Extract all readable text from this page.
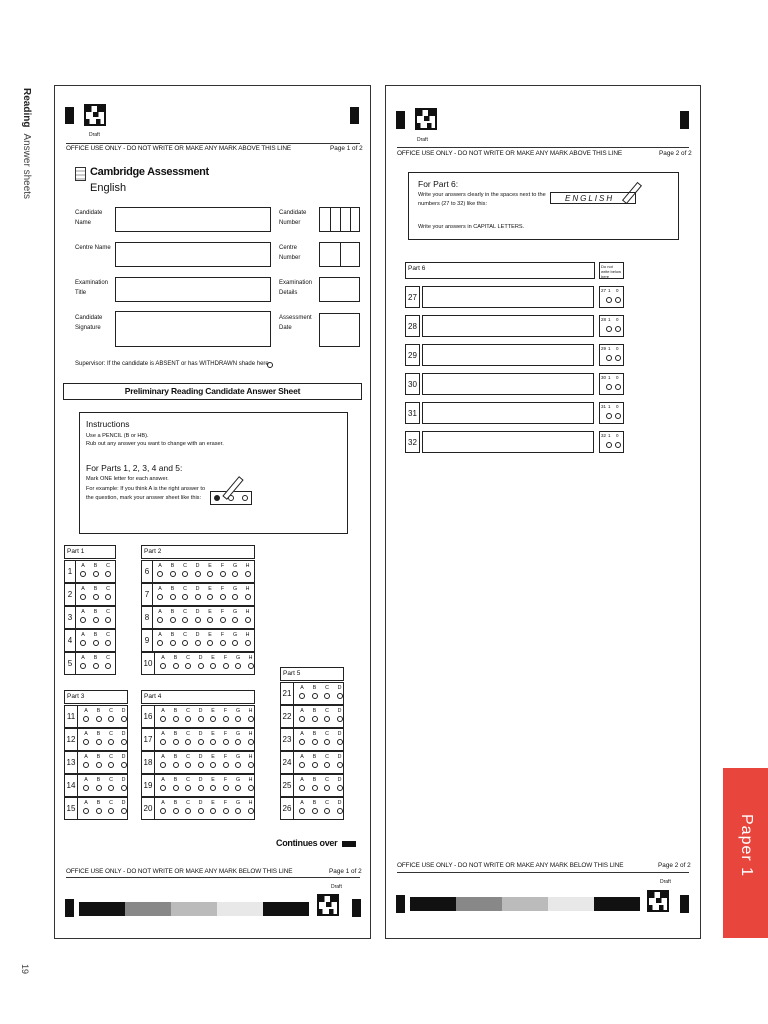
ReadingAnswer sheets
19
Paper 1
Draft
OFFICE USE ONLY - DO NOT WRITE OR MAKE ANY MARK ABOVE THIS LINE	Page 1 of 2
Cambridge Assessment
English
Candidate Name
Candidate Number
Centre Name	Centre Number
Examination Title
Examination Details
Candidate Signature
Assessment Date
Supervisor: If the candidate is ABSENT or has WITHDRAWN shade here
Preliminary Reading Candidate Answer Sheet
Instructions
Use a PENCIL (B or HB).
Rub out any answer you want to change with an eraser.
For Parts 1, 2, 3, 4 and 5:
Mark ONE letter for each answer.
For example: If you think A is the right answer to
the question, mark your answer sheet like this:
Part 1
1
A	B	C
2
A	B	C
3
A	B	C
4
A	B	C
5
A	B	C
Part 2
6
A	B	C	D	E	F	G	H
7
A	B	C	D	E	F	G	H
8
A	B	C	D	E	F	G	H
9
A	B	C	D	E	F	G	H
10
A	B	C	D	E	F	G	H
Part 5
21
A	B	C	D
22
A	B	C	D
23
A	B	C	D
24
A	B	C	D
25
A	B	C	D
26
A	B	C	D
Part 3
11
A	B	C	D
12
A	B	C	D
13
A	B	C	D
14
A	B	C	D
15
A	B	C	D
Part 4
16
A	B	C	D	E	F	G	H
17
A	B	C	D	E	F	G	H
18
A	B	C	D	E	F	G	H
19
A	B	C	D	E	F	G	H
20
A	B	C	D	E	F	G	H
Continues over
OFFICE USE ONLY - DO NOT WRITE OR MAKE ANY MARK BELOW THIS LINE	Page 1 of 2
Draft
Draft
OFFICE USE ONLY - DO NOT WRITE OR MAKE ANY MARK ABOVE THIS LINE	Page 2 of 2
For Part 6:
Write your answers clearly in the spaces next to the
numbers (27 to 32) like this:
Write your answers in CAPITAL LETTERS.
ENGLISH
Part 6	Do not write below here
27
27 1 0
28
28 1 0
29
29 1 0
30
30 1 0
31
31 1 0
32
32 1 0
OFFICE USE ONLY - DO NOT WRITE OR MAKE ANY MARK BELOW THIS LINE	Page 2 of 2
Draft
